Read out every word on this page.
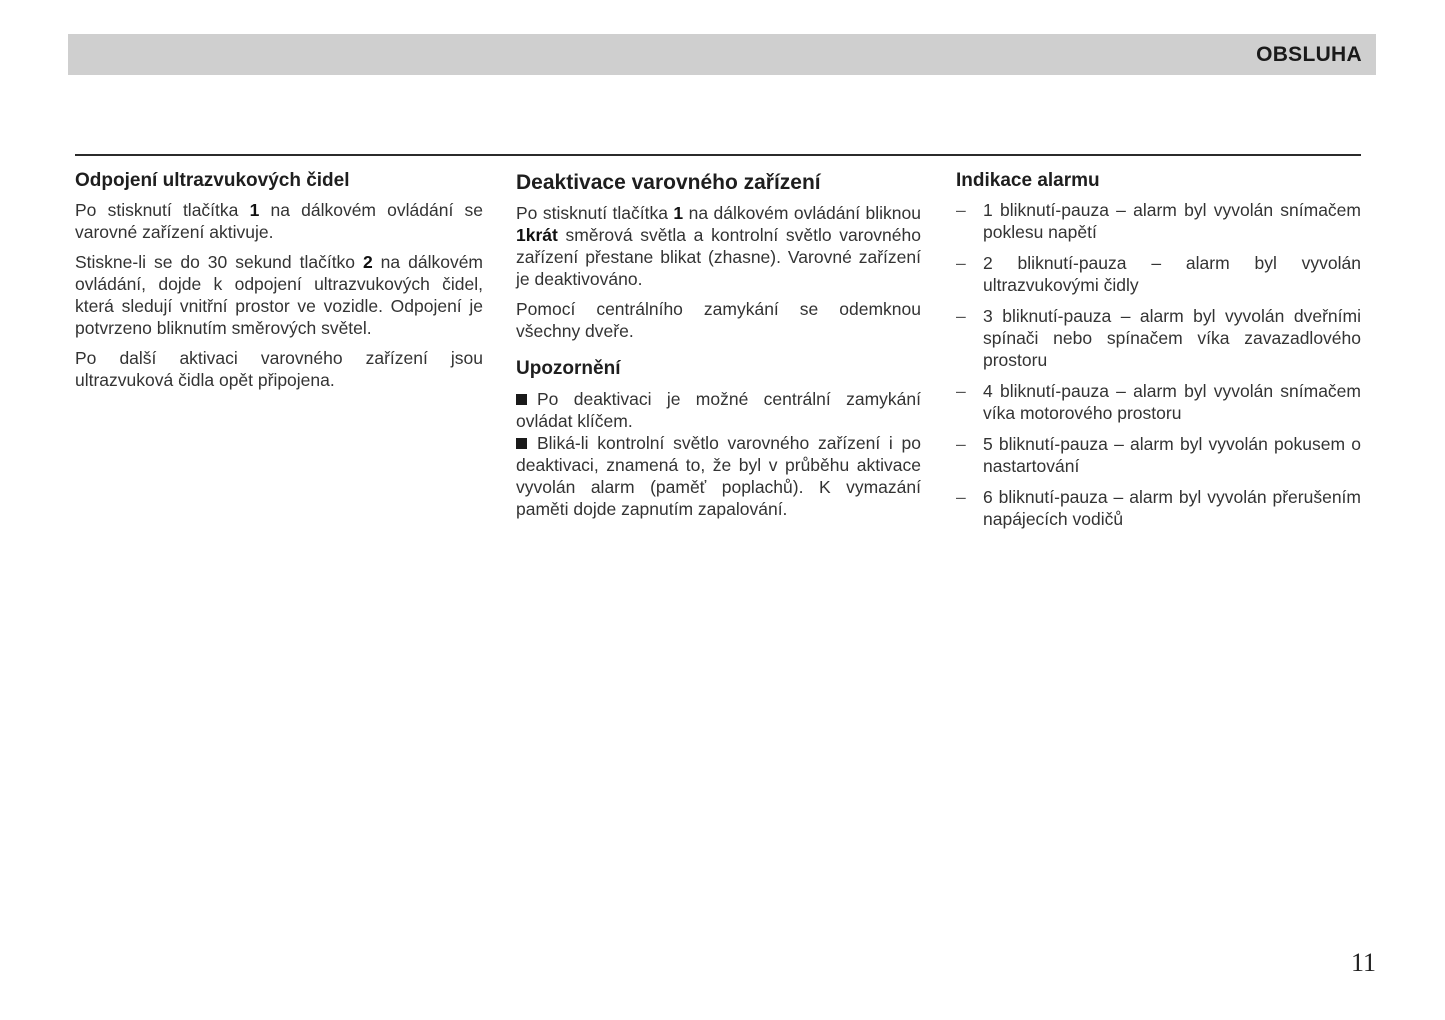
OBSLUHA
Odpojení ultrazvukových čidel

Po stisknutí tlačítka 1 na dálkovém ovládání se varovné zařízení aktivuje.

Stiskne-li se do 30 sekund tlačítko 2 na dálkovém ovládání, dojde k odpojení ultrazvukových čidel, která sledují vnitřní prostor ve vozidle. Odpojení je potvrzeno bliknutím směrových světel.

Po další aktivaci varovného zařízení jsou ultrazvuková čidla opět připojena.

Deaktivace varovného zařízení

Po stisknutí tlačítka 1 na dálkovém ovládání bliknou 1krát směrová světla a kontrolní světlo varovného zařízení přestane blikat (zhasne). Varovné zařízení je deaktivováno.

Pomocí centrálního zamykání se odemknou všechny dveře.

Upozornění

Po deaktivaci je možné centrální zamykání ovládat klíčem.

Bliká-li kontrolní světlo varovného zařízení i po deaktivaci, znamená to, že byl v průběhu aktivace vyvolán alarm (paměť poplachů). K vymazání paměti dojde zapnutím zapalování.

Indikace alarmu
– 1 bliknutí-pauza – alarm byl vyvolán snímačem poklesu napětí
– 2 bliknutí-pauza – alarm byl vyvolán ultrazvukovými čidly
– 3 bliknutí-pauza – alarm byl vyvolán dveřními spínači nebo spínačem víka zavazadlového prostoru
– 4 bliknutí-pauza – alarm byl vyvolán snímačem víka motorového prostoru
– 5 bliknutí-pauza – alarm byl vyvolán pokusem o nastartování
– 6 bliknutí-pauza – alarm byl vyvolán přerušením napájecích vodičů
11
